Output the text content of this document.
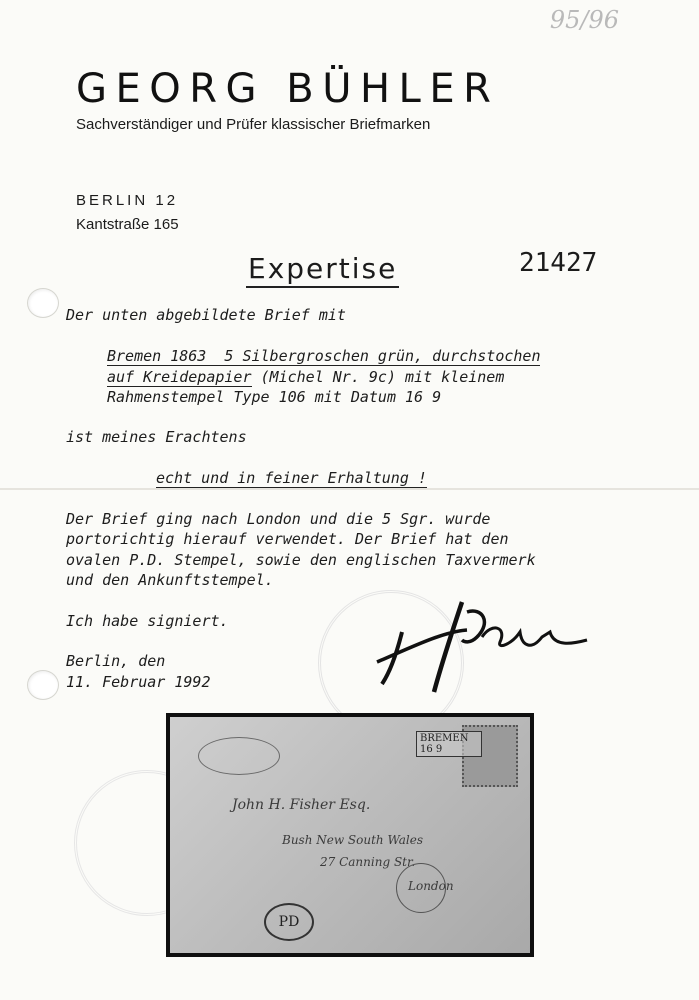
95/96
GEORG BÜHLER
Sachverständiger und Prüfer klassischer Briefmarken
BERLIN 12
Kantstraße 165
Expertise	21427
Der unten abgebildete Brief mit
Bremen 1863  5 Silbergroschen grün, durchstochen
auf Kreidepapier (Michel Nr. 9c) mit kleinem
Rahmenstempel Type 106 mit Datum 16 9
ist meines Erachtens
echt und in feiner Erhaltung !
Der Brief ging nach London und die 5 Sgr. wurde
portorichtig hierauf verwendet. Der Brief hat den
ovalen P.D. Stempel, sowie den englischen Taxvermerk
und den Ankunftstempel.
Ich habe signiert.
Berlin, den
11. Februar 1992
BREMEN
16 9
John H. Fisher Esq.
Bush New South Wales
27 Canning Str.
London
PD
